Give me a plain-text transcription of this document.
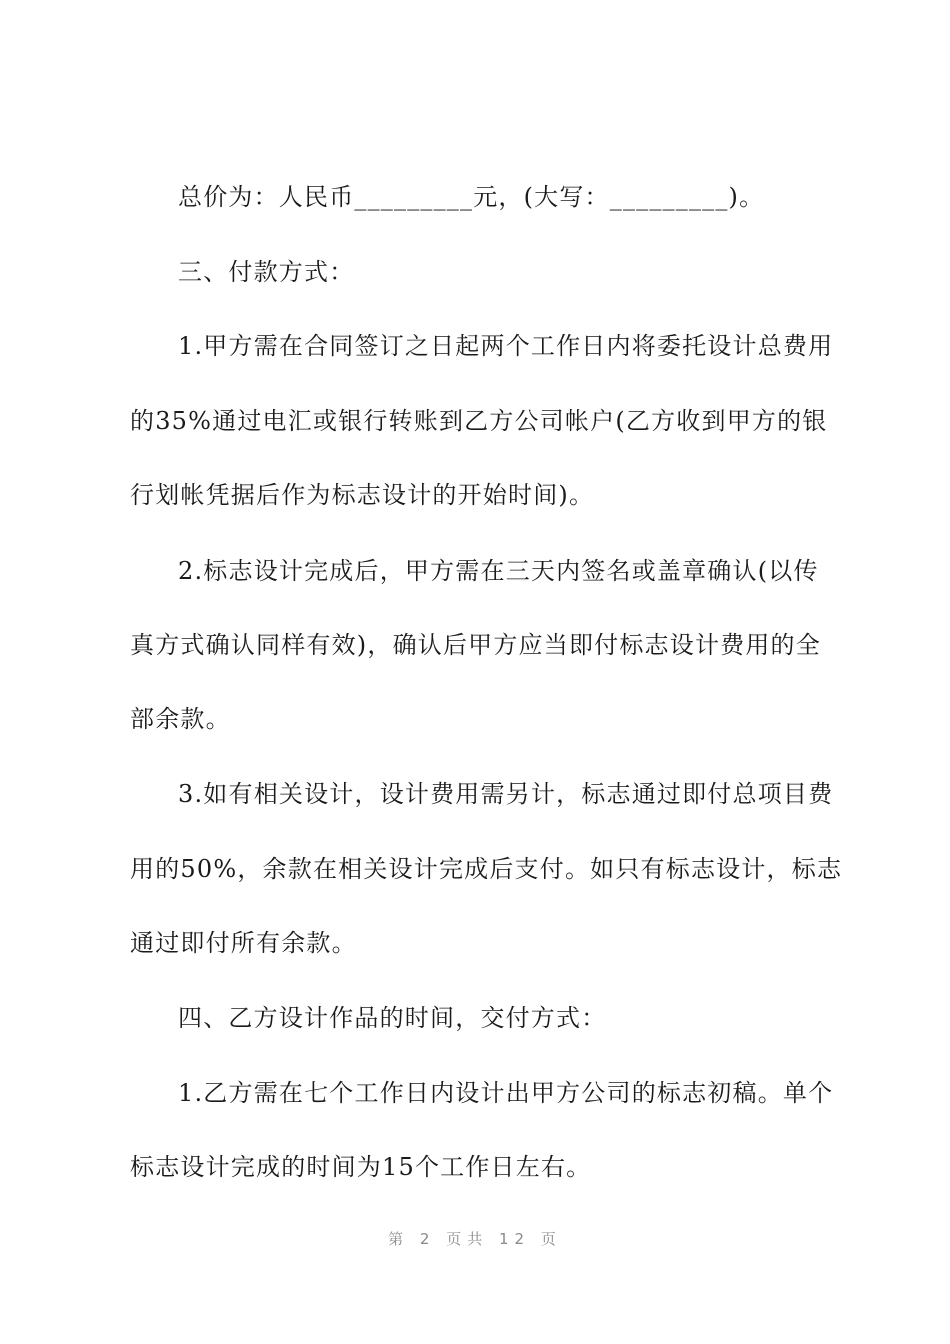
总价为：人民币_________元，(大写：_________)。
三、付款方式：
1.甲方需在合同签订之日起两个工作日内将委托设计总费用
的35%通过电汇或银行转账到乙方公司帐户(乙方收到甲方的银
行划帐凭据后作为标志设计的开始时间)。
2.标志设计完成后，甲方需在三天内签名或盖章确认(以传
真方式确认同样有效)，确认后甲方应当即付标志设计费用的全
部余款。
3.如有相关设计，设计费用需另计，标志通过即付总项目费
用的50%，余款在相关设计完成后支付。如只有标志设计，标志
通过即付所有余款。
四、乙方设计作品的时间，交付方式：
1.乙方需在七个工作日内设计出甲方公司的标志初稿。单个
标志设计完成的时间为15个工作日左右。
第 2 页共 12 页
